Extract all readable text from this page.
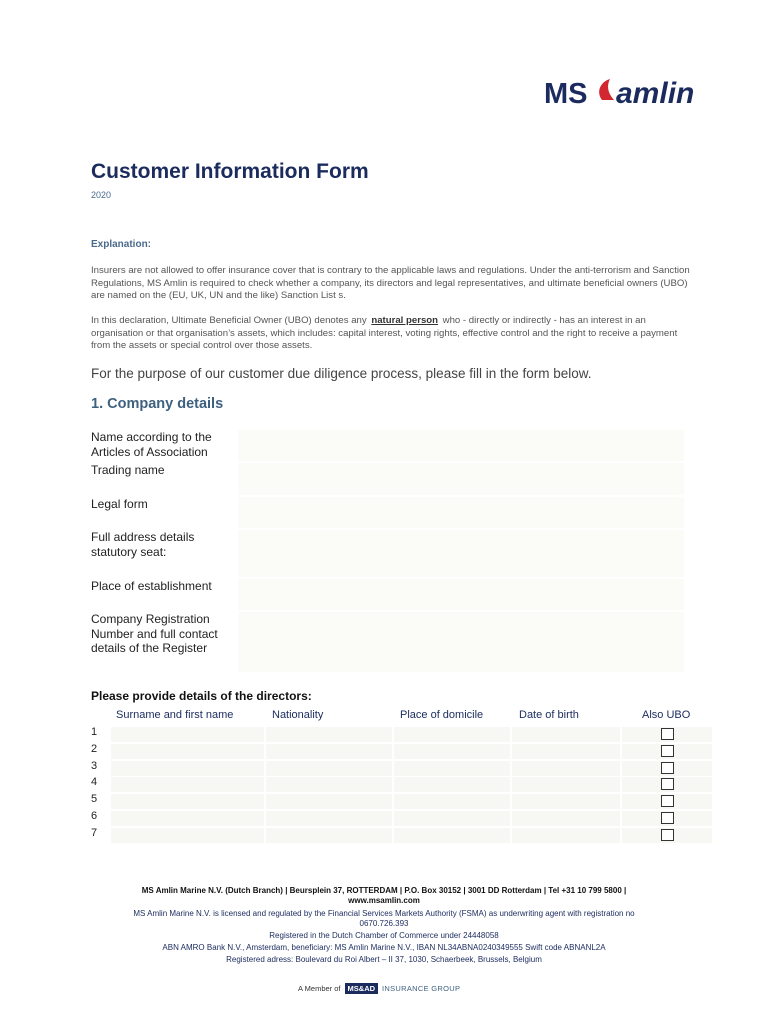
MS amlin
Customer Information Form
2020
Explanation:
Insurers are not allowed to offer insurance cover that is contrary to the applicable laws and regulations. Under the anti-terrorism and Sanction Regulations, MS Amlin is required to check whether a company, its directors and legal representatives, and ultimate beneficial owners (UBO) are named on the (EU, UK, UN and the like) Sanction List s.
In this declaration, Ultimate Beneficial Owner (UBO) denotes any natural person who - directly or indirectly - has an interest in an organisation or that organisation’s assets, which includes: capital interest, voting rights, effective control and the right to receive a payment from the assets or special control over those assets.
For the purpose of our customer due diligence process, please fill in the form below.
1. Company details
Name according to the Articles of Association
Trading name
Legal form
Full address details statutory seat:
Place of establishment
Company Registration Number and full contact details of the Register
Please provide details of the directors:
Surname and first name	Nationality	Place of domicile	Date of birth	Also UBO
1
2
3
4
5
6
7
MS Amlin Marine N.V. (Dutch Branch) | Beursplein 37, ROTTERDAM | P.O. Box 30152 | 3001 DD Rotterdam | Tel +31 10 799 5800 |
www.msamlin.com
MS Amlin Marine N.V. is licensed and regulated by the Financial Services Markets Authority (FSMA) as underwriting agent with registration no
0670.726.393
Registered in the Dutch Chamber of Commerce under 24448058
ABN AMRO Bank N.V., Amsterdam, beneficiary: MS Amlin Marine N.V., IBAN NL34ABNA0240349555 Swift code ABNANL2A
Registered adress: Boulevard du Roi Albert – II 37, 1030, Schaerbeek, Brussels, Belgium
A Member of MS&AD INSURANCE GROUP
